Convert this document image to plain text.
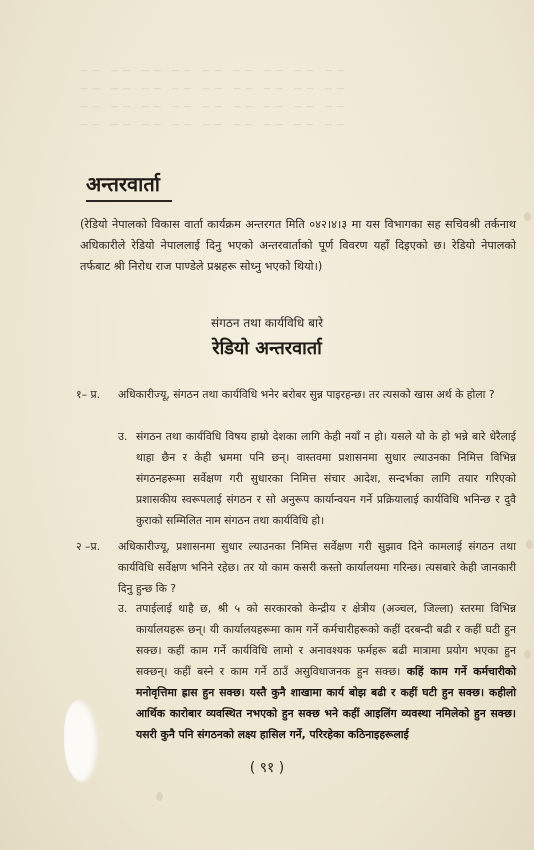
—— —— —— —— —— —— —— —— ——
—— —— —— —— —— —— —— —— ——
—— —— —— —— —— —— —— —— ——
—— —— —— —— —— —— —— —— ——
अन्तरवार्ता
(रेडियो नेपालको विकास वार्ता कार्यक्रम अन्तरगत मिति ०४२।४।३ मा यस विभागका सह सचिवश्री तर्कनाथ अधिकारीले रेडियो नेपाललाई दिनु भएको अन्तरवार्ताको पूर्ण विवरण यहाँ दिइएको छ। रेडियो नेपालको तर्फबाट श्री निरोध राज पाण्डेले प्रश्नहरू सोध्नु भएको थियो।)
संगठन तथा कार्यविधि बारे
रेडियो अन्तरवार्ता
१– प्र.	अधिकारीज्यू, संगठन तथा कार्यविधि भनेर बरोबर सुन्न पाइरहन्छ। तर त्यसको खास अर्थ के होला ?
उ. संगठन तथा कार्यविधि विषय हाम्रो देशका लागि केही नयाँ न हो। यसले यो के हो भन्ने बारे धेरैलाई थाहा छैन र केही भ्रममा पनि छन्। वास्तवमा प्रशासनमा सुधार ल्याउनका निमित्त विभिन्न संगठनहरूमा सर्वेक्षण गरी सुधारका निमित्त संचार आदेश, सन्दर्भका लागि तयार गरिएको प्रशासकीय स्वरूपलाई संगठन र सो अनुरूप कार्यान्वयन गर्ने प्रक्रियालाई कार्यविधि भनिन्छ र दुवै कुराको सम्मिलित नाम संगठन तथा कार्यविधि हो।
२ –प्र.	अधिकारीज्यू, प्रशासनमा सुधार ल्याउनका निमित्त सर्वेक्षण गरी सुझाव दिने कामलाई संगठन तथा कार्यविधि सर्वेक्षण भनिने रहेछ। तर यो काम कसरी कस्तो कार्यालयमा गरिन्छ। त्यसबारे केही जानकारी दिनु हुन्छ कि ?
उ. तपाईलाई थाहै छ, श्री ५ को सरकारको केन्द्रीय र क्षेत्रीय (अञ्चल, जिल्ला) स्तरमा विभिन्न कार्यालयहरू छन्। यी कार्यालयहरूमा काम गर्ने कर्मचारीहरूको कहीं दरबन्दी बढी र कहीं घटी हुन सक्छ। कहीं काम गर्ने कार्यविधि लामो र अनावश्यक फर्महरू बढी मात्रामा प्रयोग भएका हुन सक्छन्। कहीं बस्ने र काम गर्ने ठाउँ असुविधाजनक हुन सक्छ। कहिं काम गर्ने कर्मचारीको मनोवृत्तिमा ह्रास हुन सक्छ। यस्तै कुनै शाखामा कार्य बोझ बढी र कहीं घटी हुन सक्छ। कहीलो आर्थिक कारोबार व्यवस्थित नभएको हुन सक्छ भने कहीं आइलिंग व्यवस्था नमिलेको हुन सक्छ। यसरी कुनै पनि संगठनको लक्ष्य हासिल गर्ने, परिरहेका कठिनाइहरूलाई
( ९१ )
